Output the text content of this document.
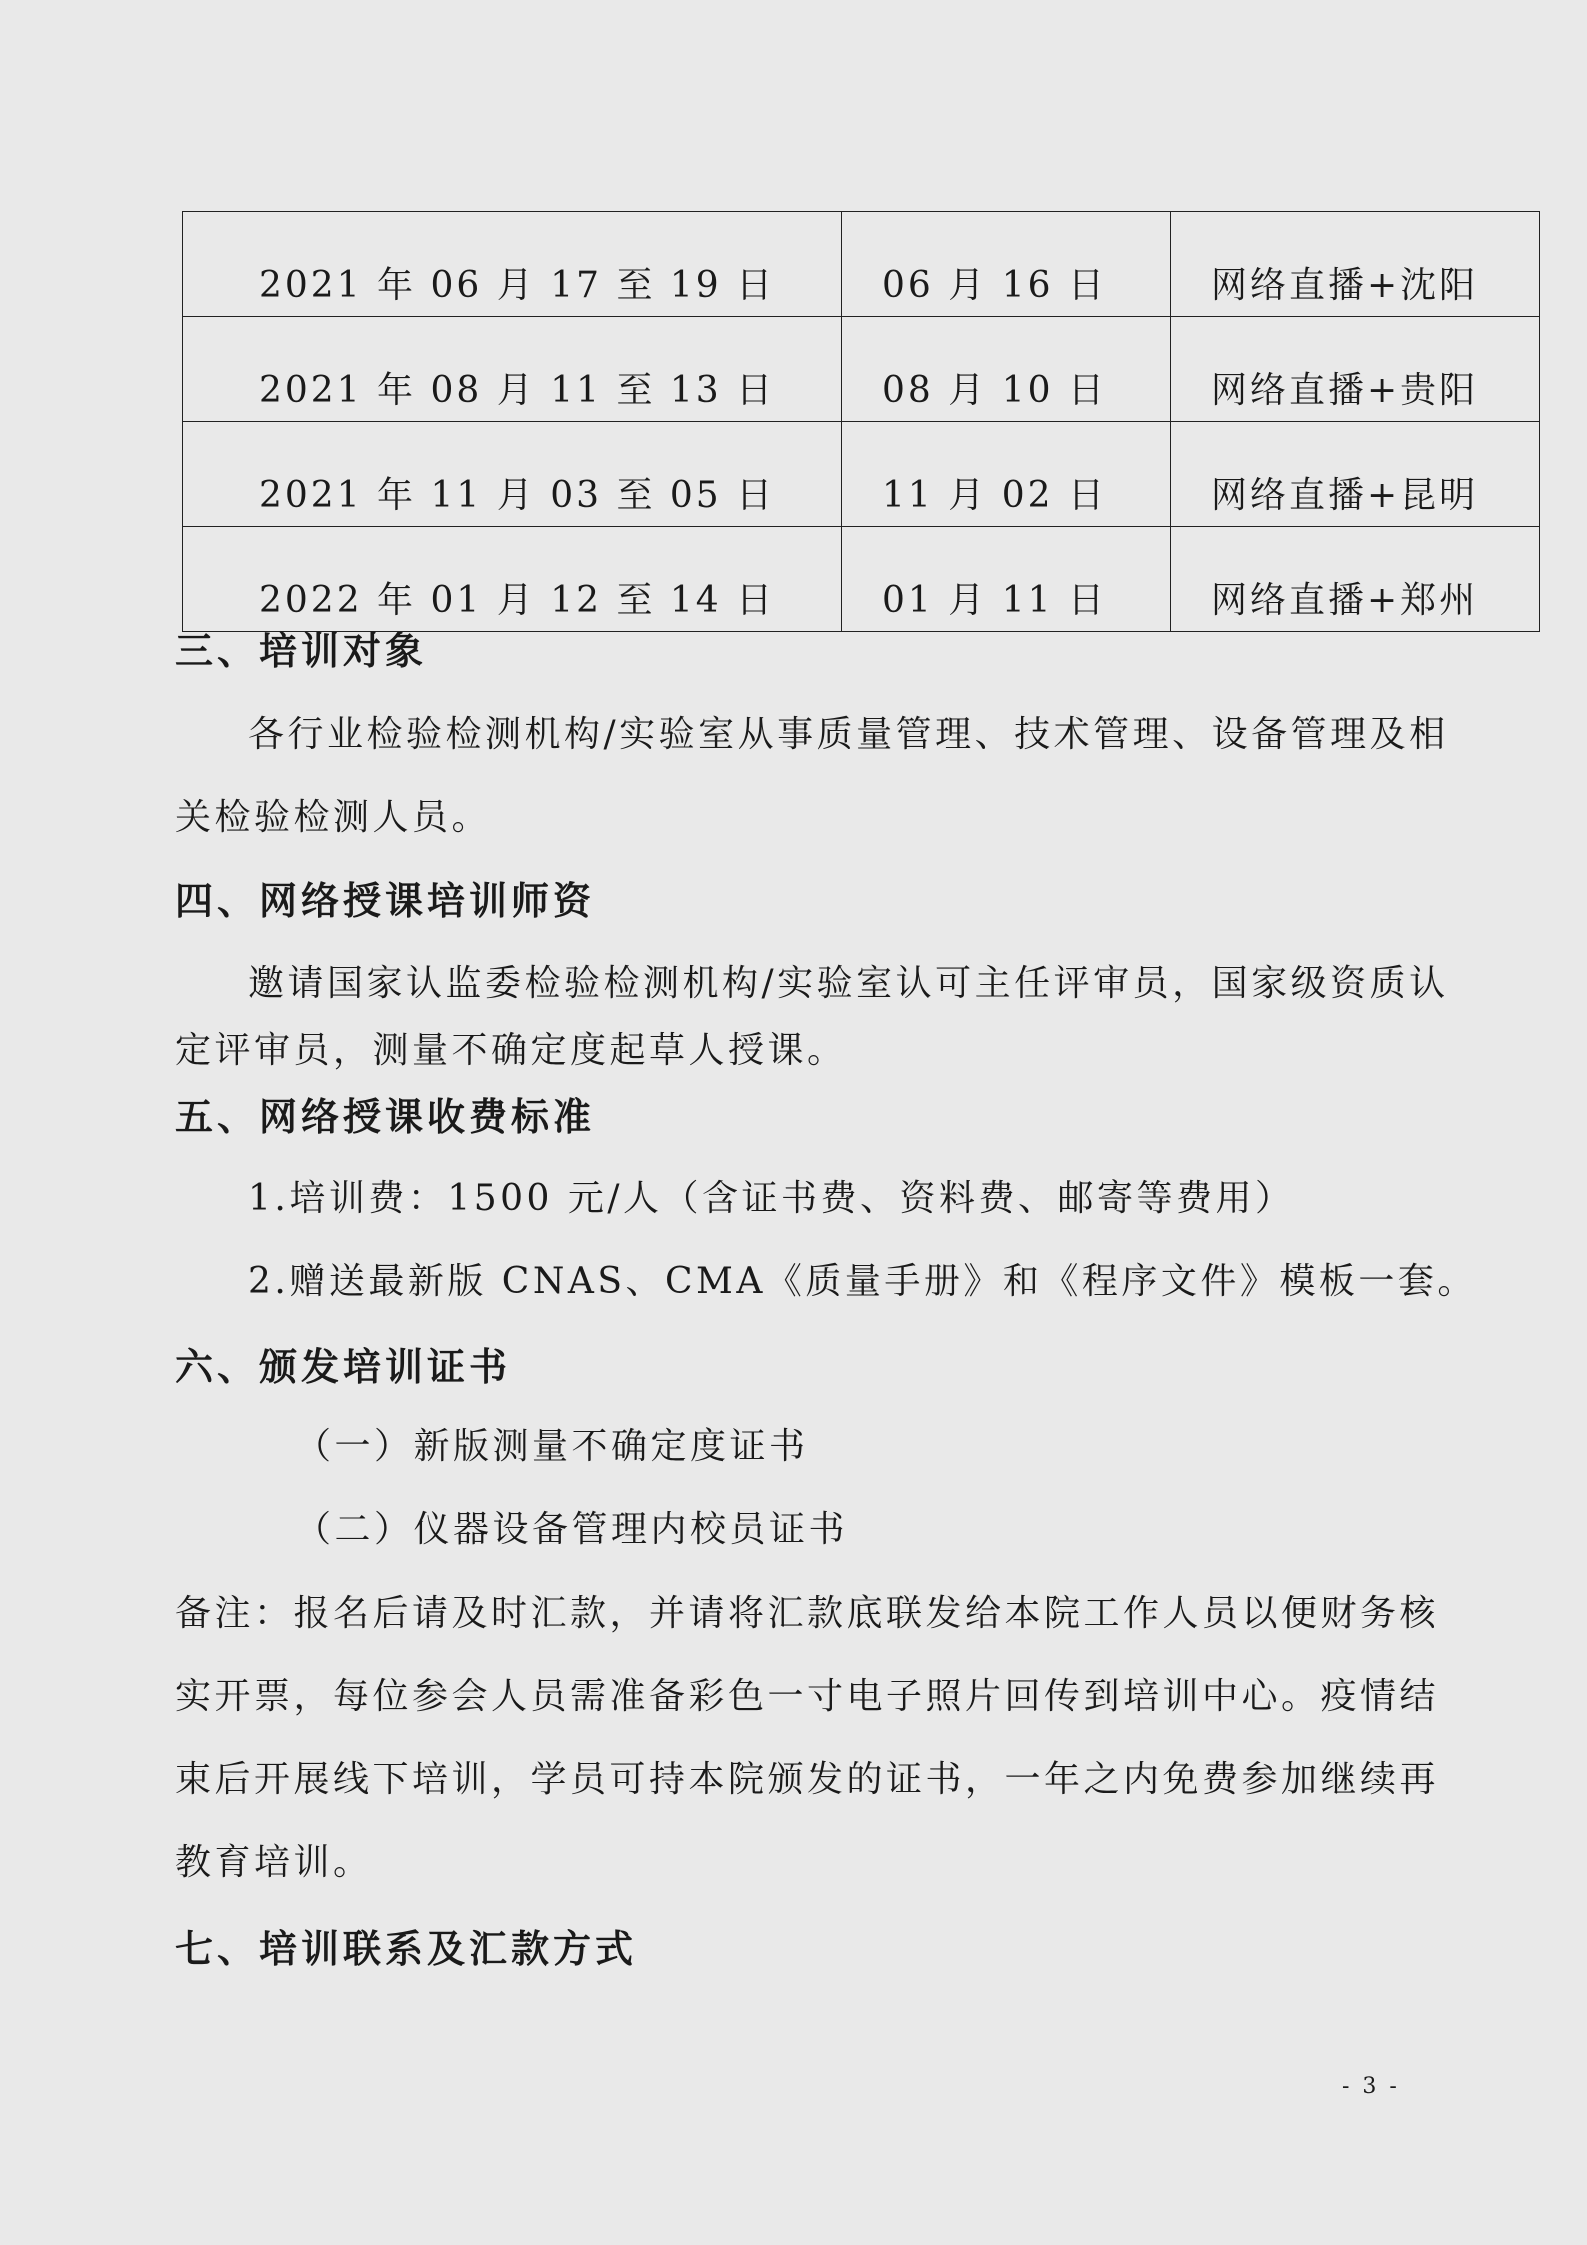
2021 年 06 月 17 至 19 日	06 月 16 日	网络直播+沈阳
2021 年 08 月 11 至 13 日	08 月 10 日	网络直播+贵阳
2021 年 11 月 03 至 05 日	11 月 02 日	网络直播+昆明
2022 年 01 月 12 至 14 日	01 月 11 日	网络直播+郑州
三、培训对象

各行业检验检测机构/实验室从事质量管理、技术管理、设备管理及相

关检验检测人员。

四、网络授课培训师资

邀请国家认监委检验检测机构/实验室认可主任评审员，国家级资质认

定评审员，测量不确定度起草人授课。

五、网络授课收费标准

1.培训费：1500 元/人（含证书费、资料费、邮寄等费用）

2.赠送最新版 CNAS、CMA《质量手册》和《程序文件》模板一套。

六、颁发培训证书

（一）新版测量不确定度证书

（二）仪器设备管理内校员证书

备注：报名后请及时汇款，并请将汇款底联发给本院工作人员以便财务核

实开票，每位参会人员需准备彩色一寸电子照片回传到培训中心。疫情结

束后开展线下培训，学员可持本院颁发的证书，一年之内免费参加继续再

教育培训。

七、培训联系及汇款方式
- 3 -
